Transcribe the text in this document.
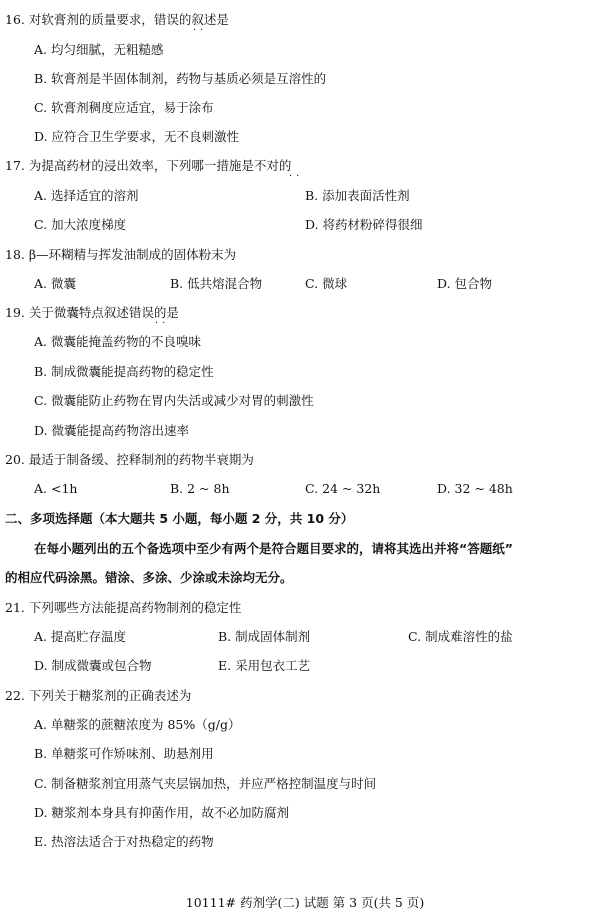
16. 对软膏剂的质量要求，错误的叙述是
··
A. 均匀细腻，无粗糙感
B. 软膏剂是半固体制剂，药物与基质必须是互溶性的
C. 软膏剂稠度应适宜，易于涂布
D. 应符合卫生学要求，无不良刺激性
17. 为提高药材的浸出效率，下列哪一措施是不对的
··
A. 选择适宜的溶剂	B. 添加表面活性剂
C. 加大浓度梯度	D. 将药材粉碎得很细
18. β—环糊精与挥发油制成的固体粉末为
A. 微囊	B. 低共熔混合物	C. 微球	D. 包合物
19. 关于微囊特点叙述错误的是
··
A. 微囊能掩盖药物的不良嗅味
B. 制成微囊能提高药物的稳定性
C. 微囊能防止药物在胃内失活或减少对胃的刺激性
D. 微囊能提高药物溶出速率
20. 最适于制备缓、控释制剂的药物半衰期为
A. <1h	B. 2 ~ 8h	C. 24 ~ 32h	D. 32 ~ 48h
二、多项选择题（本大题共 5 小题，每小题 2 分，共 10 分）
在每小题列出的五个备选项中至少有两个是符合题目要求的，请将其选出并将“答题纸”
的相应代码涂黑。错涂、多涂、少涂或未涂均无分。
21. 下列哪些方法能提高药物制剂的稳定性
A. 提高贮存温度	B. 制成固体制剂	C. 制成难溶性的盐
D. 制成微囊或包合物	E. 采用包衣工艺
22. 下列关于糖浆剂的正确表述为
A. 单糖浆的蔗糖浓度为 85%（g/g）
B. 单糖浆可作矫味剂、助悬剂用
C. 制备糖浆剂宜用蒸气夹层锅加热，并应严格控制温度与时间
D. 糖浆剂本身具有抑菌作用，故不必加防腐剂
E. 热溶法适合于对热稳定的药物
10111# 药剂学(二) 试题 第 3 页(共 5 页)
